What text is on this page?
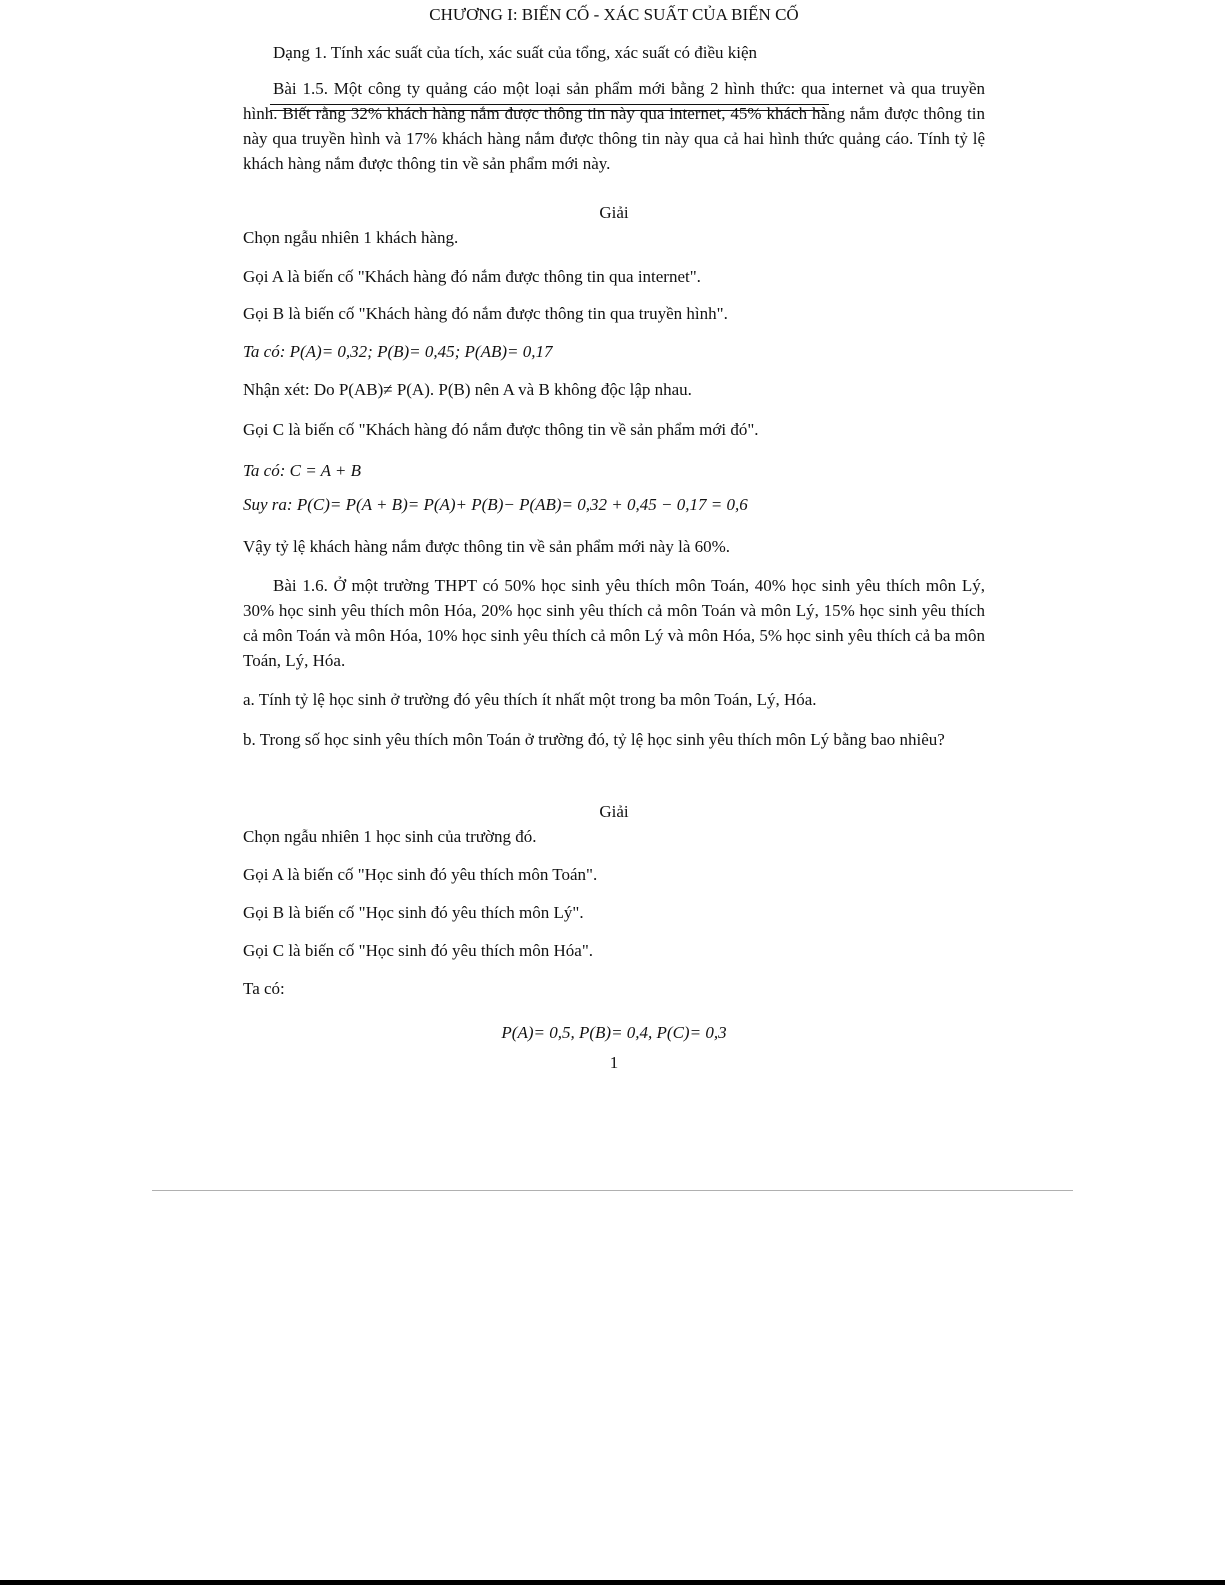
CHƯƠNG I: BIẾN CỐ - XÁC SUẤT CỦA BIẾN CỐ
Dạng 1. Tính xác suất của tích, xác suất của tổng, xác suất có điều kiện

Bài 1.5. Một công ty quảng cáo một loại sản phẩm mới bằng 2 hình thức: qua internet và qua truyền hình. Biết rằng 32% khách hàng nắm được thông tin này qua internet, 45% khách hàng nắm được thông tin này qua truyền hình và 17% khách hàng nắm được thông tin này qua cả hai hình thức quảng cáo. Tính tỷ lệ khách hàng nắm được thông tin về sản phẩm mới này.

Giải
Chọn ngẫu nhiên 1 khách hàng.
Gọi A là biến cố "Khách hàng đó nắm được thông tin qua internet".
Gọi B là biến cố "Khách hàng đó nắm được thông tin qua truyền hình".
Ta có: P(A)= 0,32; P(B)= 0,45; P(AB)= 0,17
Nhận xét: Do P(AB)≠ P(A). P(B) nên A và B không độc lập nhau.
Gọi C là biến cố "Khách hàng đó nắm được thông tin về sản phẩm mới đó".
Ta có: C = A + B
Suy ra: P(C)= P(A + B)= P(A)+ P(B)− P(AB)= 0,32 + 0,45 − 0,17 = 0,6
Vậy tỷ lệ khách hàng nắm được thông tin về sản phẩm mới này là 60%.

Bài 1.6. Ở một trường THPT có 50% học sinh yêu thích môn Toán, 40% học sinh yêu thích môn Lý, 30% học sinh yêu thích môn Hóa, 20% học sinh yêu thích cả môn Toán và môn Lý, 15% học sinh yêu thích cả môn Toán và môn Hóa, 10% học sinh yêu thích cả môn Lý và môn Hóa, 5% học sinh yêu thích cả ba môn Toán, Lý, Hóa.

a. Tính tỷ lệ học sinh ở trường đó yêu thích ít nhất một trong ba môn Toán, Lý, Hóa.

b. Trong số học sinh yêu thích môn Toán ở trường đó, tỷ lệ học sinh yêu thích môn Lý bằng bao nhiêu?

Giải
Chọn ngẫu nhiên 1 học sinh của trường đó.
Gọi A là biến cố "Học sinh đó yêu thích môn Toán".
Gọi B là biến cố "Học sinh đó yêu thích môn Lý".
Gọi C là biến cố "Học sinh đó yêu thích môn Hóa".
Ta có:
P(A)= 0,5, P(B)= 0,4, P(C)= 0,3
1
